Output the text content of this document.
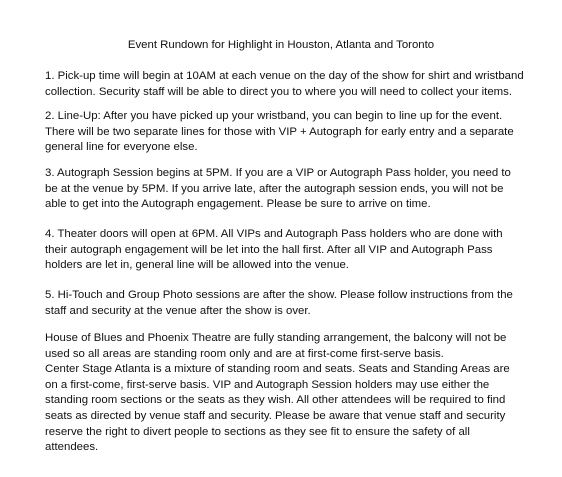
Event Rundown for Highlight in Houston, Atlanta and Toronto

1. Pick-up time will begin at 10AM at each venue on the day of the show for shirt and wristband collection. Security staff will be able to direct you to where you will need to collect your items.

2. Line-Up: After you have picked up your wristband, you can begin to line up for the event. There will be two separate lines for those with VIP + Autograph for early entry and a separate general line for everyone else.

3. Autograph Session begins at 5PM. If you are a VIP or Autograph Pass holder, you need to be at the venue by 5PM. If you arrive late, after the autograph session ends, you will not be able to get into the Autograph engagement. Please be sure to arrive on time.

4. Theater doors will open at 6PM. All VIPs and Autograph Pass holders who are done with their autograph engagement will be let into the hall first. After all VIP and Autograph Pass holders are let in, general line will be allowed into the venue.

5. Hi-Touch and Group Photo sessions are after the show. Please follow instructions from the staff and security at the venue after the show is over.

House of Blues and Phoenix Theatre are fully standing arrangement, the balcony will not be used so all areas are standing room only and are at first-come first-serve basis.

Center Stage Atlanta is a mixture of standing room and seats. Seats and Standing Areas are on a first-come, first-serve basis. VIP and Autograph Session holders may use either the standing room sections or the seats as they wish. All other attendees will be required to find seats as directed by venue staff and security. Please be aware that venue staff and security reserve the right to divert people to sections as they see fit to ensure the safety of all attendees.
